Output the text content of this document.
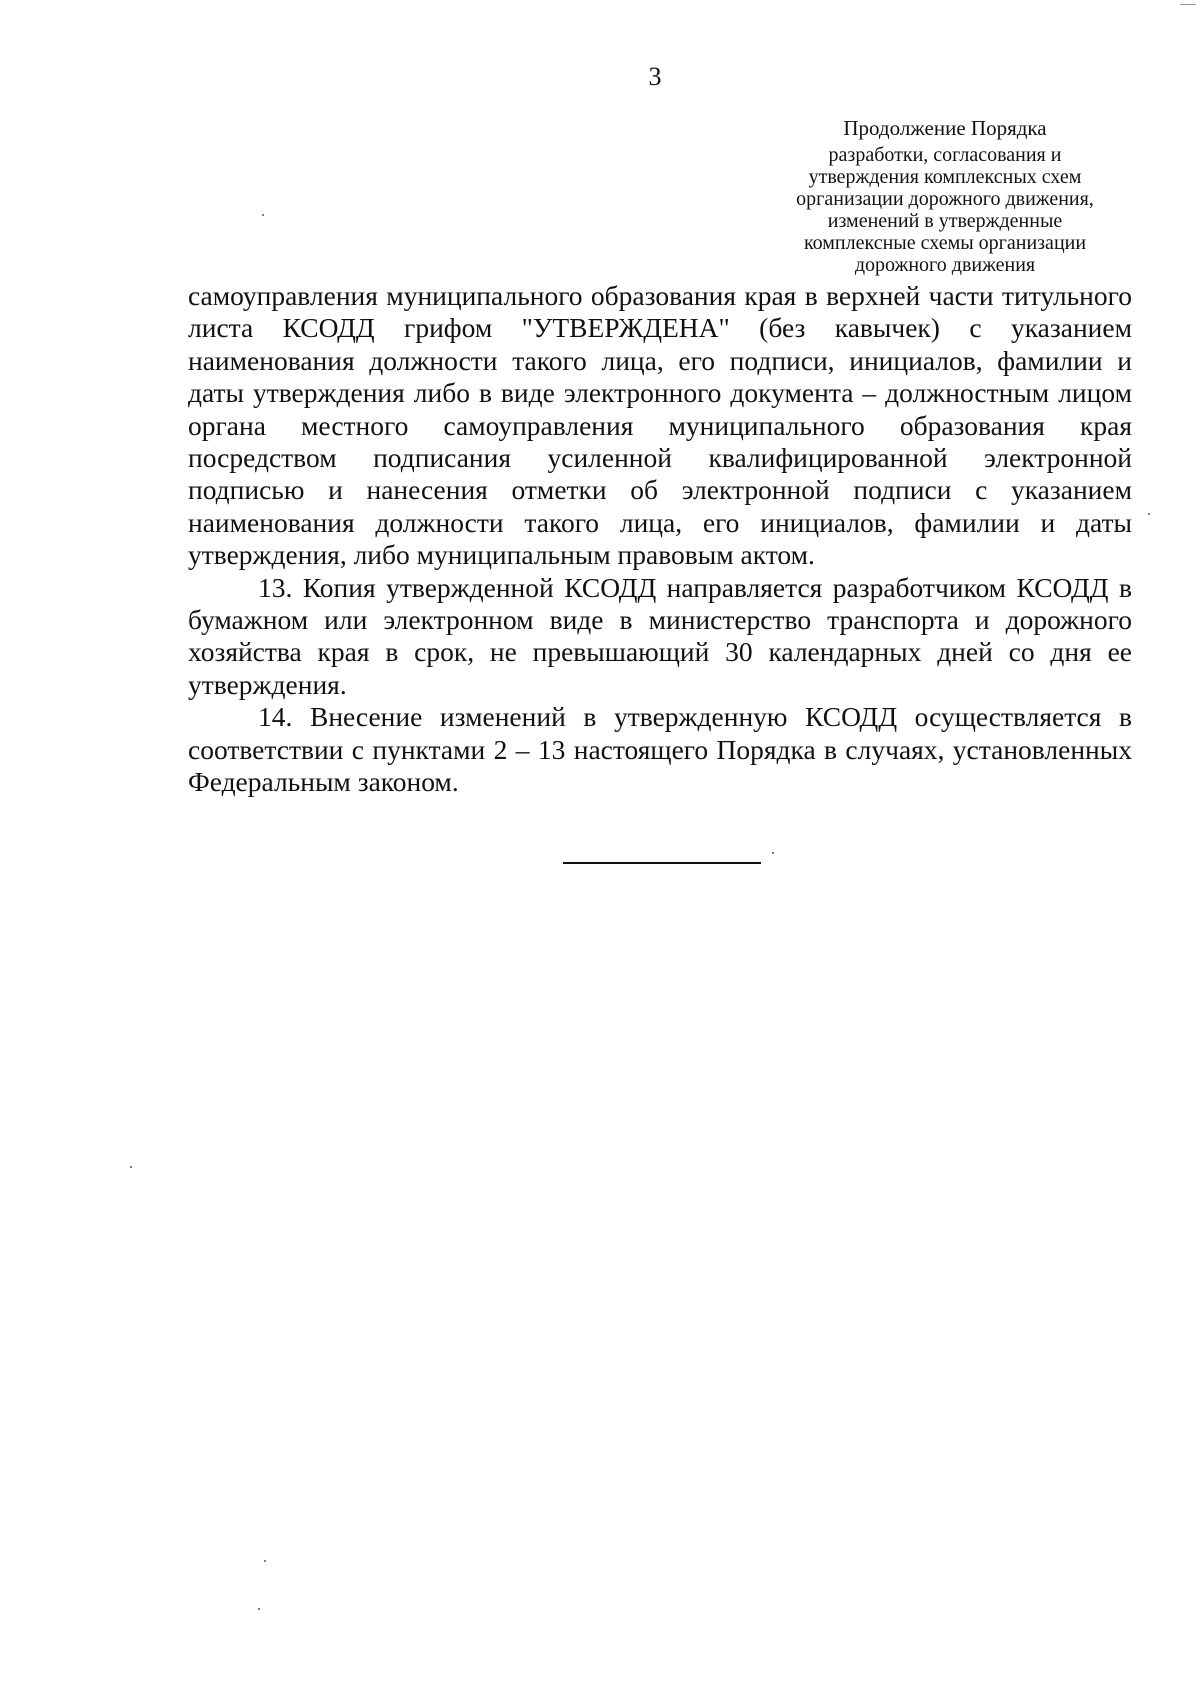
3
Продолжение Порядка
разработки, согласования и
утверждения комплексных схем
организации дорожного движения,
изменений в утвержденные
комплексные схемы организации
дорожного движения

самоуправления муниципального образования края в верхней части титульного листа КСОДД грифом "УТВЕРЖДЕНА" (без кавычек) с указанием наименования должности такого лица, его подписи, инициалов, фамилии и даты утверждения либо в виде электронного документа – должностным лицом органа местного самоуправления муниципального образования края посредством подписания усиленной квалифицированной электронной подписью и нанесения отметки об электронной подписи с указанием наименования должности такого лица, его инициалов, фамилии и даты утверждения, либо муниципальным правовым актом.

13. Копия утвержденной КСОДД направляется разработчиком КСОДД в бумажном или электронном виде в министерство транспорта и дорожного хозяйства края в срок, не превышающий 30 календарных дней со дня ее утверждения.

14. Внесение изменений в утвержденную КСОДД осуществляется в соответствии с пунктами 2 – 13 настоящего Порядка в случаях, установленных Федеральным законом.
